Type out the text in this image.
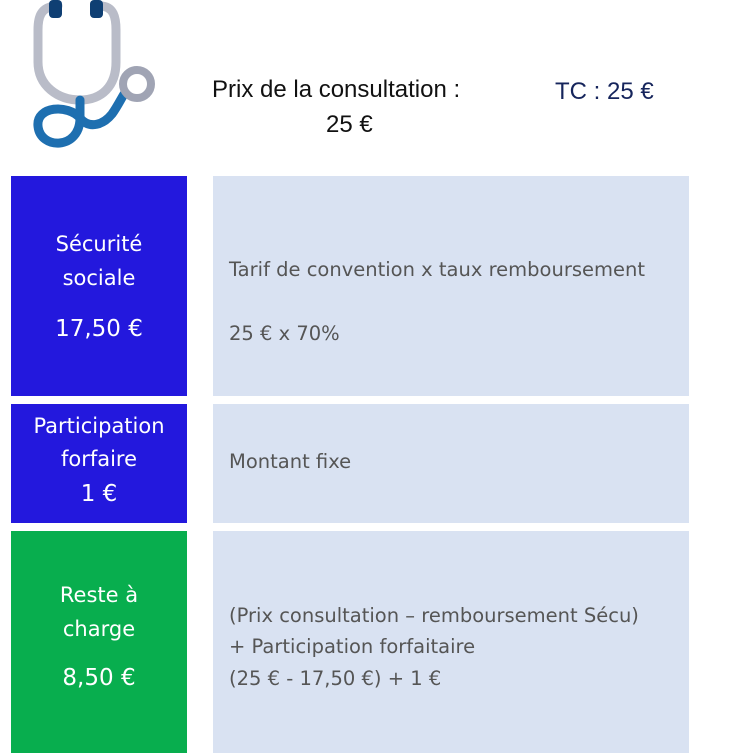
Prix de la consultation :
25 €
TC : 25 €
Sécurité
sociale
17,50 €
Tarif de convention x taux remboursement
25 € x 70%
Participation
forfaire
1 €
Montant fixe
Reste à
charge
8,50 €
(Prix consultation – remboursement Sécu)
+ Participation forfaitaire
(25 € - 17,50 €) + 1 €
